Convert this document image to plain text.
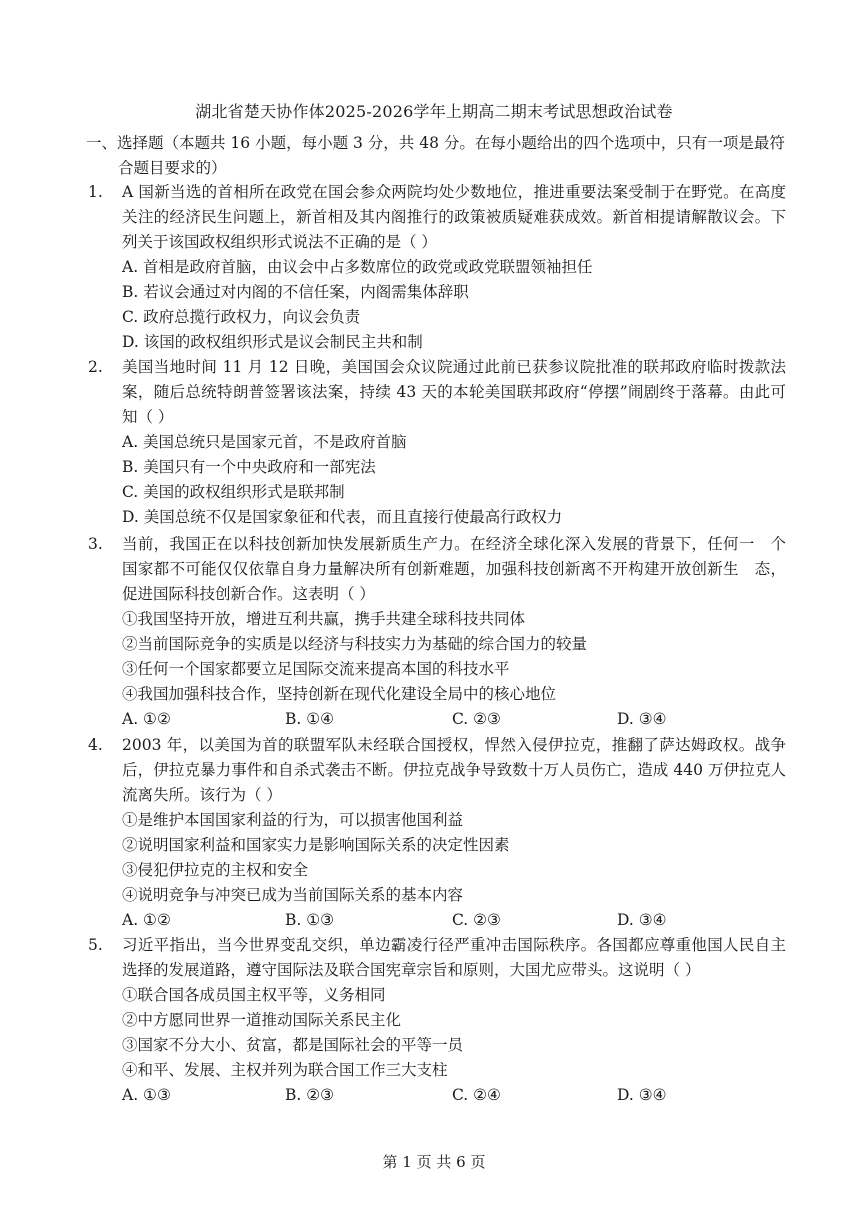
湖北省楚天协作体2025-2026学年上期高二期末考试思想政治试卷
一、选择题（本题共 16 小题，每小题 3 分，共 48 分。在每小题给出的四个选项中，只有一项是最符合题目要求的）
1. A 国新当选的首相所在政党在国会参众两院均处少数地位，推进重要法案受制于在野党。在高度关注的经济民生问题上，新首相及其内阁推行的政策被质疑难获成效。新首相提请解散议会。下列关于该国政权组织形式说法不正确的是（ ）
A. 首相是政府首脑，由议会中占多数席位的政党或政党联盟领袖担任
B. 若议会通过对内阁的不信任案，内阁需集体辞职
C. 政府总揽行政权力，向议会负责
D. 该国的政权组织形式是议会制民主共和制
2. 美国当地时间 11 月 12 日晚，美国国会众议院通过此前已获参议院批准的联邦政府临时拨款法案，随后总统特朗普签署该法案，持续 43 天的本轮美国联邦政府“停摆”闹剧终于落幕。由此可知（ ）
A. 美国总统只是国家元首，不是政府首脑
B. 美国只有一个中央政府和一部宪法
C. 美国的政权组织形式是联邦制
D. 美国总统不仅是国家象征和代表，而且直接行使最高行政权力
3. 当前，我国正在以科技创新加快发展新质生产力。在经济全球化深入发展的背景下，任何一　个国家都不可能仅仅依靠自身力量解决所有创新难题，加强科技创新离不开构建开放创新生　态，促进国际科技创新合作。这表明（ ）
①我国坚持开放，增进互利共赢，携手共建全球科技共同体
②当前国际竞争的实质是以经济与科技实力为基础的综合国力的较量
③任何一个国家都要立足国际交流来提高本国的科技水平
④我国加强科技合作，坚持创新在现代化建设全局中的核心地位
A. ①②	B. ①④	C. ②③	D. ③④
4. 2003 年，以美国为首的联盟军队未经联合国授权，悍然入侵伊拉克，推翻了萨达姆政权。战争后，伊拉克暴力事件和自杀式袭击不断。伊拉克战争导致数十万人员伤亡，造成 440 万伊拉克人流离失所。该行为（ ）
①是维护本国国家利益的行为，可以损害他国利益
②说明国家利益和国家实力是影响国际关系的决定性因素
③侵犯伊拉克的主权和安全
④说明竞争与冲突已成为当前国际关系的基本内容
A. ①②	B. ①③	C. ②③	D. ③④
5. 习近平指出，当今世界变乱交织，单边霸凌行径严重冲击国际秩序。各国都应尊重他国人民自主选择的发展道路，遵守国际法及联合国宪章宗旨和原则，大国尤应带头。这说明（ ）
①联合国各成员国主权平等，义务相同
②中方愿同世界一道推动国际关系民主化
③国家不分大小、贫富，都是国际社会的平等一员
④和平、发展、主权并列为联合国工作三大支柱
A. ①③	B. ②③	C. ②④	D. ③④
第 1 页 共 6 页
